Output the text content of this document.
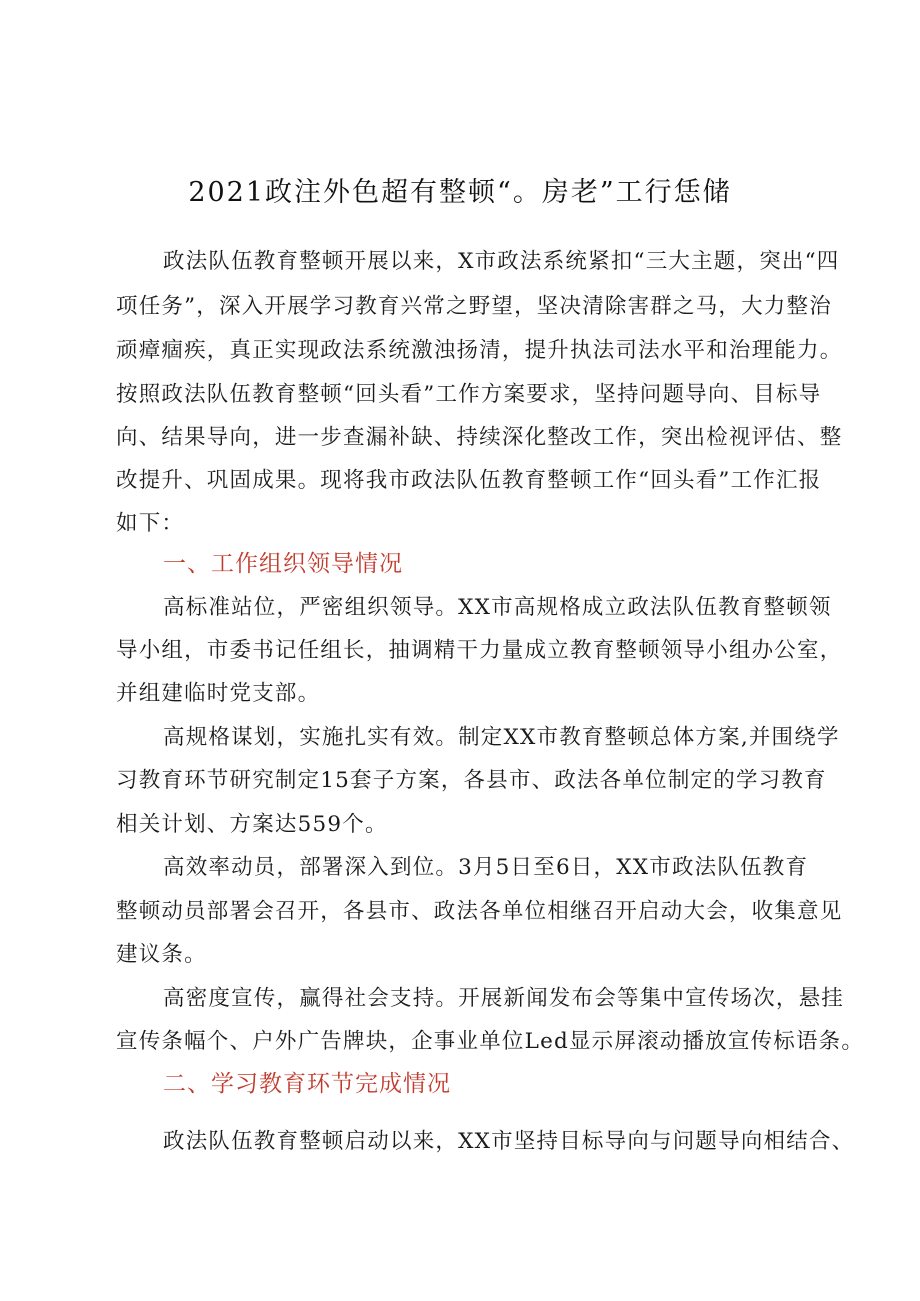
2021政注外色超有整顿“。房老”工行恁储
政法队伍教育整顿开展以来，X市政法系统紧扣“三大主题，突出“四
项任务”，深入开展学习教育兴常之野望，坚决清除害群之马，大力整治
顽瘴痼疾，真正实现政法系统激浊扬清，提升执法司法水平和治理能力。
按照政法队伍教育整顿“回头看”工作方案要求，坚持问题导向、目标导
向、结果导向，进一步查漏补缺、持续深化整改工作，突出检视评估、整
改提升、巩固成果。现将我市政法队伍教育整顿工作“回头看”工作汇报
如下：
一、工作组织领导情况
高标准站位，严密组织领导。XX市高规格成立政法队伍教育整顿领
导小组，市委书记任组长，抽调精干力量成立教育整顿领导小组办公室，
并组建临时党支部。
高规格谋划，实施扎实有效。制定XX市教育整顿总体方案,并围绕学
习教育环节研究制定15套子方案，各县市、政法各单位制定的学习教育
相关计划、方案达559个。
高效率动员，部署深入到位。3月5日至6日，XX市政法队伍教育
整顿动员部署会召开，各县市、政法各单位相继召开启动大会，收集意见
建议条。
高密度宣传，赢得社会支持。开展新闻发布会等集中宣传场次，悬挂
宣传条幅个、户外广告牌块，企事业单位Led显示屏滚动播放宣传标语条。
二、学习教育环节完成情况
政法队伍教育整顿启动以来，XX市坚持目标导向与问题导向相结合、
